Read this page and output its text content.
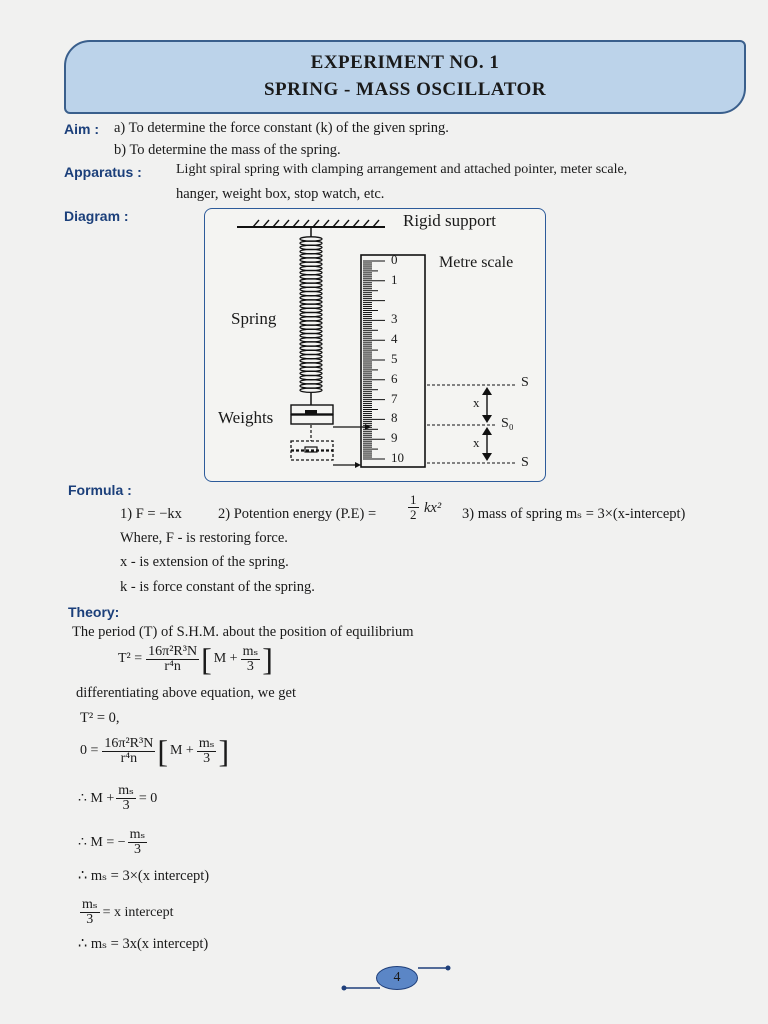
EXPERIMENT NO. 1
SPRING - MASS OSCILLATOR
Aim : a) To determine the force constant (k) of the given spring.
b) To determine the mass of the spring.
Apparatus : Light spiral spring with clamping arrangement and attached pointer, meter scale,
hanger, weight box, stop watch, etc.
Diagram :	Rigid support
Metre scale
Spring
Weights
S
S₀
S
x
x
0
1
3
4
5
6
7
8
9
10
Formula :
1) F = −kx 2) Potention energy $(P.E) = \frac{1}{2} kx^2$ 3) mass of spring mₛ = 3×(x-intercept)
Where, F - is restoring force.
x - is extension of the spring.
k - is force constant of the spring.
Theory:
The period (T) of S.H.M. about the position of equilibrium
$T^2 = \frac{\text{16π²R³N}}{\text{r⁴n}}$ [ $M + \frac{\text{mₛ}}{3}$ ]
differentiating above equation, we get
T² = 0,
$0 = \frac{\text{16π²R³N}}{\text{r⁴n}}$ [ $M + \frac{\text{mₛ}}{3}$ ]
∴ $M + \frac{\text{mₛ}}{3} = 0$
∴ M = − $\frac{\text{mₛ}}{3}$
∴ mₛ = 3×(x intercept)
$\frac{\text{mₛ}}{3} = x$ intercept
∴ mₛ = 3x(x intercept)
4
